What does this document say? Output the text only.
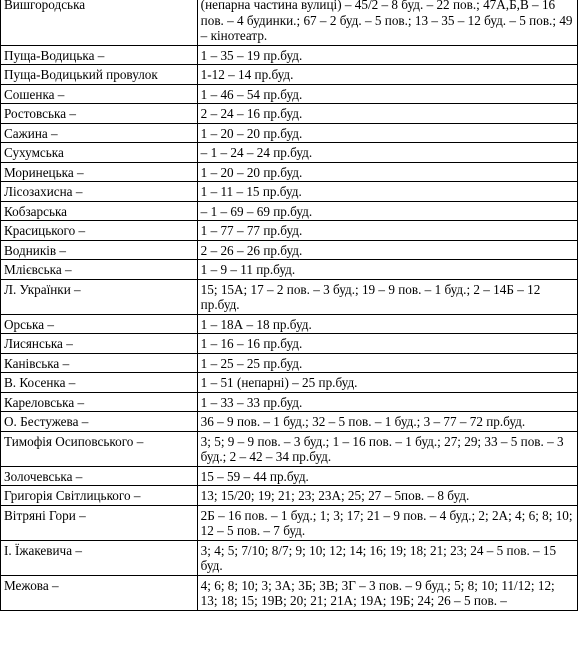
Вишгородська	(непарна частина вулиці) – 45/2 – 8 буд. – 22 пов.; 47А,Б,В – 16 пов. – 4 будинки.; 67 – 2 буд. – 5 пов.; 13 – 35 – 12 буд. – 5 пов.; 49 – кінотеатр.
Пуща-Водицька –	1 – 35 – 19 пр.буд.
Пуща-Водицький провулок	1-12 – 14 пр.буд.
Сошенка –	1 – 46 – 54 пр.буд.
Ростовська –	2 – 24 – 16 пр.буд.
Сажина –	1 – 20 – 20 пр.буд.
Сухумська	– 1 – 24 – 24 пр.буд.
Моринецька –	1 – 20 – 20 пр.буд.
Лісозахисна –	1 – 11 – 15 пр.буд.
Кобзарська	– 1 – 69 – 69 пр.буд.
Красицького –	1 – 77 – 77 пр.буд.
Водників –	2 – 26 – 26 пр.буд.
Млієвська –	1 – 9 – 11 пр.буд.
Л. Українки –	15; 15А; 17 – 2 пов. – 3 буд.; 19 – 9 пов. – 1 буд.; 2 – 14Б – 12 пр.буд.
Орська –	1 – 18А – 18 пр.буд.
Лисянська –	1 – 16 – 16 пр.буд.
Канівська –	1 – 25 – 25 пр.буд.
В. Косенка –	1 – 51 (непарні) – 25 пр.буд.
Кареловська –	1 – 33 – 33 пр.буд.
О. Бестужева –	36 – 9 пов. – 1 буд.; 32 – 5 пов. – 1 буд.; 3 – 77 – 72 пр.буд.
Тимофія Осиповського –	3; 5; 9 – 9 пов. – 3 буд.; 1 – 16 пов. – 1 буд.; 27; 29; 33 – 5 пов. – 3 буд.; 2 – 42 – 34 пр.буд.
Золочевська –	15 – 59 – 44 пр.буд.
Григорія Світлицького –	13; 15/20; 19; 21; 23; 23А; 25; 27 – 5пов. – 8 буд.
Вітряні Гори –	2Б – 16 пов. – 1 буд.; 1; 3; 17; 21 – 9 пов. – 4 буд.; 2; 2А; 4; 6; 8; 10; 12 – 5 пов. – 7 буд.
І. Їжакевича –	3; 4; 5; 7/10; 8/7; 9; 10; 12; 14; 16; 19; 18; 21; 23; 24 – 5 пов. – 15 буд.
Межова –	4; 6; 8; 10; 3; 3А; 3Б; 3В; 3Г – 3 пов. – 9 буд.; 5; 8; 10; 11/12; 12; 13; 18; 15; 19В; 20; 21; 21А; 19А; 19Б; 24; 26 – 5 пов. –
